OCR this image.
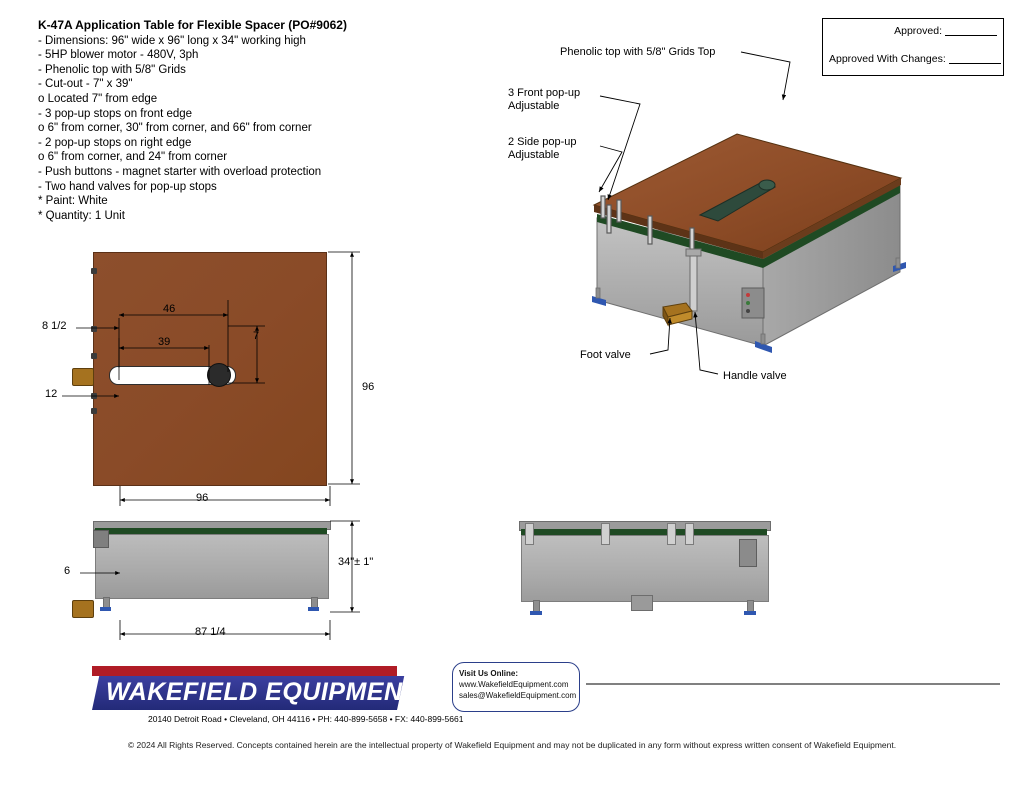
K-47A Application Table for Flexible Spacer (PO#9062)
- Dimensions: 96" wide x 96" long x 34" working high
- 5HP blower motor - 480V, 3ph
- Phenolic top with 5/8" Grids
- Cut-out - 7" x 39"
o Located 7" from edge
- 3 pop-up stops on front edge
o 6" from corner, 30" from corner, and 66" from corner
- 2 pop-up stops on right edge
o 6" from corner, and 24" from corner
- Push buttons - magnet starter with overload protection
- Two hand valves for pop-up stops
* Paint: White
* Quantity: 1 Unit
Approved:
Approved With Changes:
Phenolic top with 5/8" Grids Top
3 Front pop-up
Adjustable
2 Side pop-up
Adjustable
Foot valve
Handle valve
46
39	7
8 1/2
12
96
96
34"± 1"
6
87 1/4
WAKEFIELD EQUIPMENT
20140 Detroit Road • Cleveland, OH 44116 • PH: 440-899-5658 • FX: 440-899-5661
Visit Us Online:
www.WakefieldEquipment.com
sales@WakefieldEquipment.com
© 2024 All Rights Reserved. Concepts contained herein are the intellectual property of Wakefield Equipment and may not be duplicated in any form without express written consent of Wakefield Equipment.
